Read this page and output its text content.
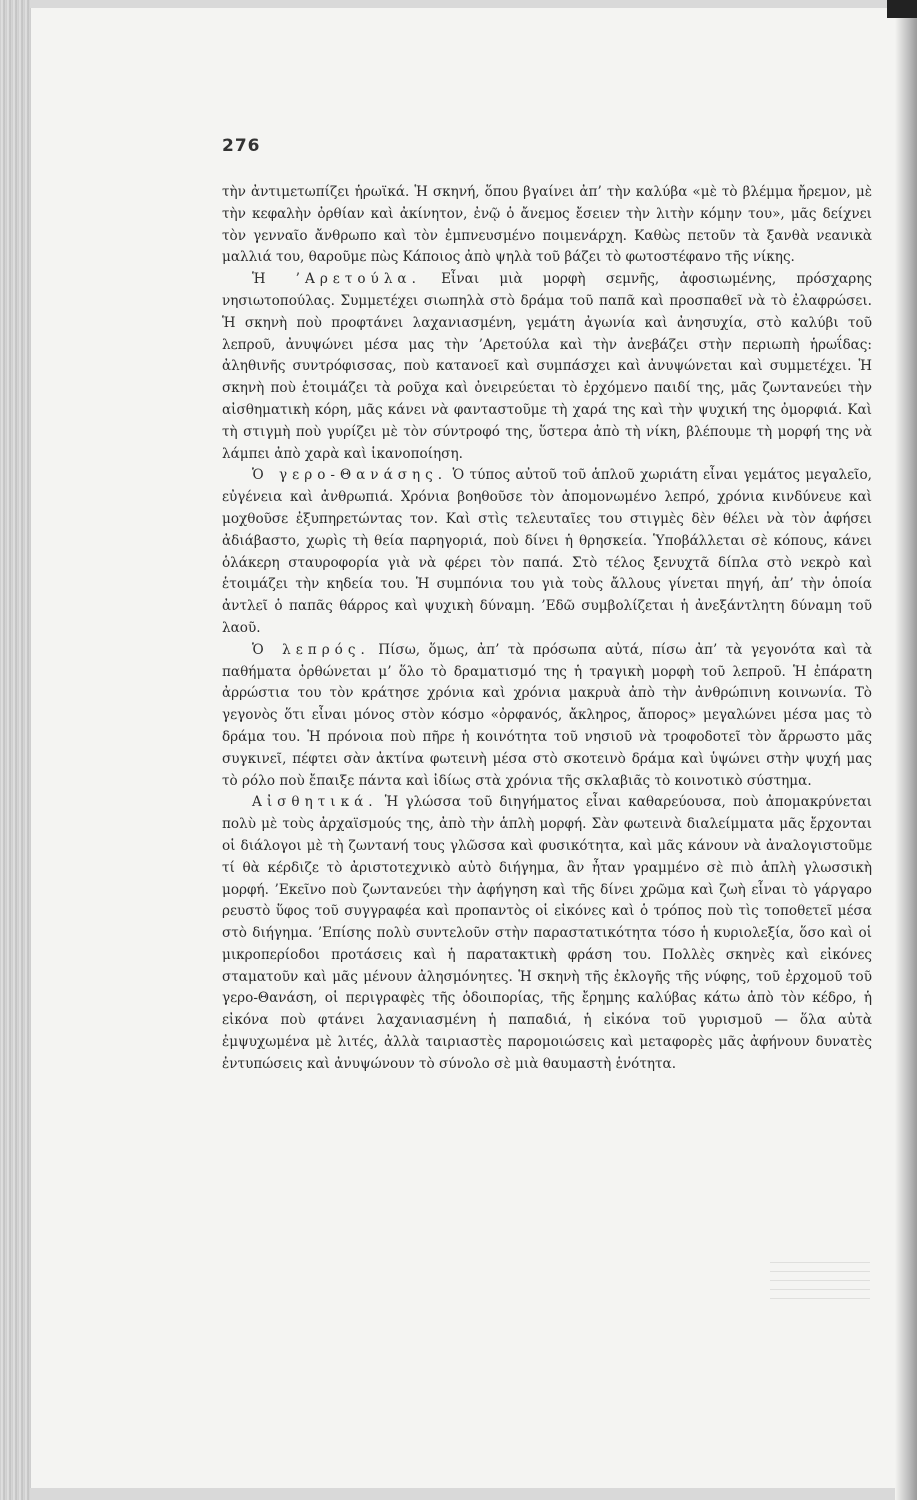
276

τὴν ἀντιμετωπίζει ἡρωϊκά. Ἡ σκηνή, ὅπου βγαίνει ἀπ’ τὴν καλύβα «μὲ τὸ βλέμμα ἤρεμον, μὲ τὴν κεφαλὴν ὀρθίαν καὶ ἀκίνητον, ἐνῷ ὁ ἄνεμος ἔσειεν τὴν λιτὴν κόμην του», μᾶς δείχνει τὸν γενναῖο ἄνθρωπο καὶ τὸν ἐμπνευσμένο ποιμενάρχη. Καθὼς πετοῦν τὰ ξανθὰ νεανικὰ μαλλιά του, θαροῦμε πὼς Κάποιος ἀπὸ ψηλὰ τοῦ βάζει τὸ φωτοστέφανο τῆς νίκης.

Ἡ ’Αρετούλα. Εἶναι μιὰ μορφὴ σεμνῆς, ἀφοσιωμένης, πρόσχαρης νησιωτοπούλας. Συμμετέχει σιωπηλὰ στὸ δράμα τοῦ παπᾶ καὶ προσπαθεῖ νὰ τὸ ἐλαφρώσει. Ἡ σκηνὴ ποὺ προφτάνει λαχανιασμένη, γεμάτη ἀγωνία καὶ ἀνησυχία, στὸ καλύβι τοῦ λεπροῦ, ἀνυψώνει μέσα μας τὴν ’Αρετούλα καὶ τὴν ἀνεβάζει στὴν περιωπὴ ἡρωΐδας: ἀληθινῆς συντρόφισσας, ποὺ κατανοεῖ καὶ συμπάσχει καὶ ἀνυψώνεται καὶ συμμετέχει. Ἡ σκηνὴ ποὺ ἑτοιμάζει τὰ ροῦχα καὶ ὀνειρεύεται τὸ ἐρχόμενο παιδί της, μᾶς ζωντανεύει τὴν αἰσθηματικὴ κόρη, μᾶς κάνει νὰ φανταστοῦμε τὴ χαρά της καὶ τὴν ψυχική της ὀμορφιά. Καὶ τὴ στιγμὴ ποὺ γυρίζει μὲ τὸν σύντροφό της, ὕστερα ἀπὸ τὴ νίκη, βλέπουμε τὴ μορφή της νὰ λάμπει ἀπὸ χαρὰ καὶ ἱκανοποίηση.

Ὁ γερο-Θανάσης. Ὁ τύπος αὐτοῦ τοῦ ἁπλοῦ χωριάτη εἶναι γεμάτος μεγαλεῖο, εὐγένεια καὶ ἀνθρωπιά. Χρόνια βοηθοῦσε τὸν ἀπομονωμένο λεπρό, χρόνια κινδύνευε καὶ μοχθοῦσε ἐξυπηρετώντας τον. Καὶ στὶς τελευταῖες του στιγμὲς δὲν θέλει νὰ τὸν ἀφήσει ἀδιάβαστο, χωρὶς τὴ θεία παρηγοριά, ποὺ δίνει ἡ θρησκεία. Ὑποβάλλεται σὲ κόπους, κάνει ὁλάκερη σταυροφορία γιὰ νὰ φέρει τὸν παπά. Στὸ τέλος ξενυχτᾶ δίπλα στὸ νεκρὸ καὶ ἑτοιμάζει τὴν κηδεία του. Ἡ συμπόνια του γιὰ τοὺς ἄλλους γίνεται πηγή, ἀπ’ τὴν ὁποία ἀντλεῖ ὁ παπᾶς θάρρος καὶ ψυχικὴ δύναμη. ’Εδῶ συμβολίζεται ἡ ἀνεξάντλητη δύναμη τοῦ λαοῦ.

Ὁ λεπρός. Πίσω, ὅμως, ἀπ’ τὰ πρόσωπα αὐτά, πίσω ἀπ’ τὰ γεγονότα καὶ τὰ παθήματα ὀρθώνεται μ’ ὅλο τὸ δραματισμό της ἡ τραγικὴ μορφὴ τοῦ λεπροῦ. Ἡ ἐπάρατη ἀρρώστια του τὸν κράτησε χρόνια καὶ χρόνια μακρυὰ ἀπὸ τὴν ἀνθρώπινη κοινωνία. Τὸ γεγονὸς ὅτι εἶναι μόνος στὸν κόσμο «ὀρφανός, ἄκληρος, ἄπορος» μεγαλώνει μέσα μας τὸ δράμα του. Ἡ πρόνοια ποὺ πῆρε ἡ κοινότητα τοῦ νησιοῦ νὰ τροφοδοτεῖ τὸν ἄρρωστο μᾶς συγκινεῖ, πέφτει σὰν ἀκτίνα φωτεινὴ μέσα στὸ σκοτεινὸ δράμα καὶ ὑψώνει στὴν ψυχή μας τὸ ρόλο ποὺ ἔπαιξε πάντα καὶ ἰδίως στὰ χρόνια τῆς σκλαβιᾶς τὸ κοινοτικὸ σύστημα.

Αἰσθητικά. Ἡ γλώσσα τοῦ διηγήματος εἶναι καθαρεύουσα, ποὺ ἀπομακρύνεται πολὺ μὲ τοὺς ἀρχαϊσμούς της, ἀπὸ τὴν ἁπλὴ μορφή. Σὰν φωτεινὰ διαλείμματα μᾶς ἔρχονται οἱ διάλογοι μὲ τὴ ζωντανή τους γλῶσσα καὶ φυσικότητα, καὶ μᾶς κάνουν νὰ ἀναλογιστοῦμε τί θὰ κέρδιζε τὸ ἀριστοτεχνικὸ αὐτὸ διήγημα, ἂν ἦταν γραμμένο σὲ πιὸ ἁπλὴ γλωσσικὴ μορφή. ’Εκεῖνο ποὺ ζωντανεύει τὴν ἀφήγηση καὶ τῆς δίνει χρῶμα καὶ ζωὴ εἶναι τὸ γάργαρο ρευστὸ ὕφος τοῦ συγγραφέα καὶ προπαντὸς οἱ εἰκόνες καὶ ὁ τρόπος ποὺ τὶς τοποθετεῖ μέσα στὸ διήγημα. ’Επίσης πολὺ συντελοῦν στὴν παραστατικότητα τόσο ἡ κυριολεξία, ὅσο καὶ οἱ μικροπερίοδοι προτάσεις καὶ ἡ παρατακτικὴ φράση του. Πολλὲς σκηνὲς καὶ εἰκόνες σταματοῦν καὶ μᾶς μένουν ἀλησμόνητες. Ἡ σκηνὴ τῆς ἐκλογῆς τῆς νύφης, τοῦ ἐρχομοῦ τοῦ γερο-Θανάση, οἱ περιγραφὲς τῆς ὁδοιπορίας, τῆς ἔρημης καλύβας κάτω ἀπὸ τὸν κέδρο, ἡ εἰκόνα ποὺ φτάνει λαχανιασμένη ἡ παπαδιά, ἡ εἰκόνα τοῦ γυρισμοῦ — ὅλα αὐτὰ ἐμψυχωμένα μὲ λιτές, ἀλλὰ ταιριαστὲς παρομοιώσεις καὶ μεταφορὲς μᾶς ἀφήνουν δυνατὲς ἐντυπώσεις καὶ ἀνυψώνουν τὸ σύνολο σὲ μιὰ θαυμαστὴ ἑνότητα.
